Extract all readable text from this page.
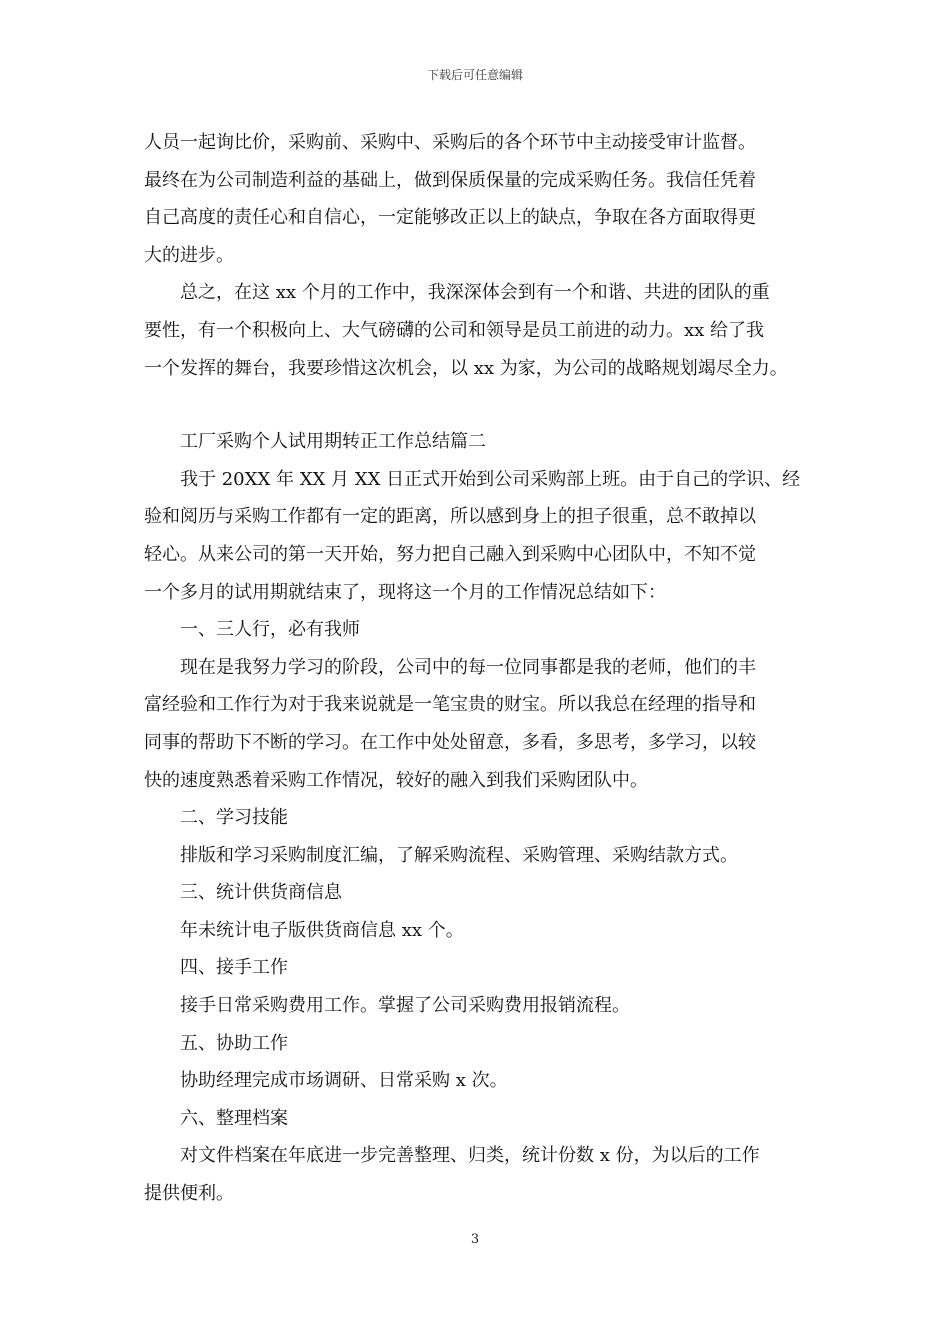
下载后可任意编辑

人员一起询比价，采购前、采购中、采购后的各个环节中主动接受审计监督。

最终在为公司制造利益的基础上，做到保质保量的完成采购任务。我信任凭着

自己高度的责任心和自信心，一定能够改正以上的缺点，争取在各方面取得更

大的进步。

总之，在这 xx 个月的工作中，我深深体会到有一个和谐、共进的团队的重

要性，有一个积极向上、大气磅礴的公司和领导是员工前进的动力。xx 给了我

一个发挥的舞台，我要珍惜这次机会，以 xx 为家，为公司的战略规划竭尽全力。

工厂采购个人试用期转正工作总结篇二

我于 20XX 年 XX 月 XX 日正式开始到公司采购部上班。由于自己的学识、经

验和阅历与采购工作都有一定的距离，所以感到身上的担子很重，总不敢掉以

轻心。从来公司的第一天开始，努力把自己融入到采购中心团队中，不知不觉

一个多月的试用期就结束了，现将这一个月的工作情况总结如下：

一、三人行，必有我师

现在是我努力学习的阶段，公司中的每一位同事都是我的老师，他们的丰

富经验和工作行为对于我来说就是一笔宝贵的财宝。所以我总在经理的指导和

同事的帮助下不断的学习。在工作中处处留意，多看，多思考，多学习，以较

快的速度熟悉着采购工作情况，较好的融入到我们采购团队中。

二、学习技能

排版和学习采购制度汇编，了解采购流程、采购管理、采购结款方式。

三、统计供货商信息

年未统计电子版供货商信息 xx 个。

四、接手工作

接手日常采购费用工作。掌握了公司采购费用报销流程。

五、协助工作

协助经理完成市场调研、日常采购 x 次。

六、整理档案

对文件档案在年底进一步完善整理、归类，统计份数 x 份，为以后的工作

提供便利。

3
